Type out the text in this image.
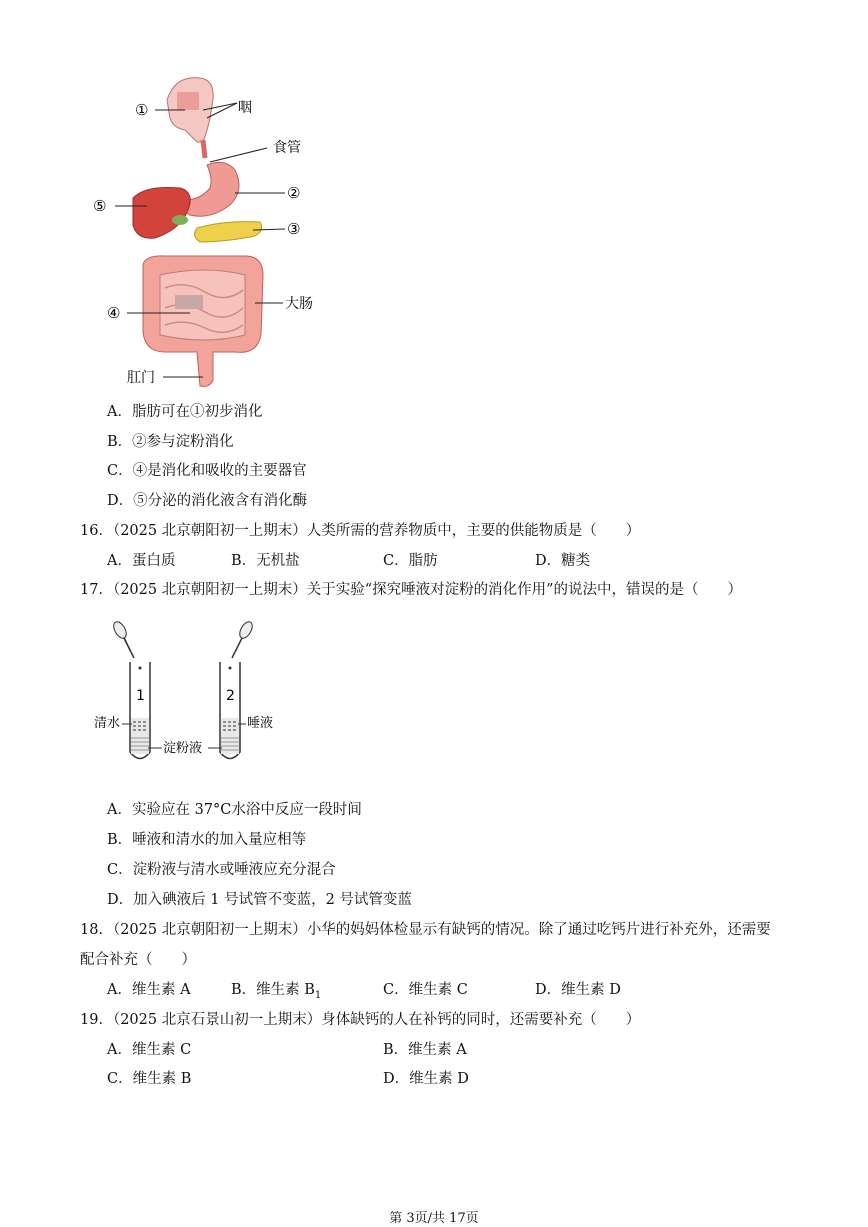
①	咽
食管
②
⑤
③
④	大肠
肛门
A．脂肪可在①初步消化
B．②参与淀粉消化
C．④是消化和吸收的主要器官
D．⑤分泌的消化液含有消化酶
16．（2025 北京朝阳初一上期末）人类所需的营养物质中，主要的供能物质是（　　）
A．蛋白质	B．无机盐	C．脂肪	D．糖类
17．（2025 北京朝阳初一上期末）关于实验“探究唾液对淀粉的消化作用”的说法中，错误的是（　　）
1	2
清水	唾液
淀粉液
A．实验应在 37°C水浴中反应一段时间
B．唾液和清水的加入量应相等
C．淀粉液与清水或唾液应充分混合
D．加入碘液后 1 号试管不变蓝，2 号试管变蓝
18．（2025 北京朝阳初一上期末）小华的妈妈体检显示有缺钙的情况。除了通过吃钙片进行补充外，还需要
配合补充（　　）
A．维生素 A	B．维生素 $B_1$	C．维生素 C	D．维生素 D
19．（2025 北京石景山初一上期末）身体缺钙的人在补钙的同时，还需要补充（　　）
A．维生素 C	B．维生素 A
C．维生素 B	D．维生素 D
第 3页/共 17页
